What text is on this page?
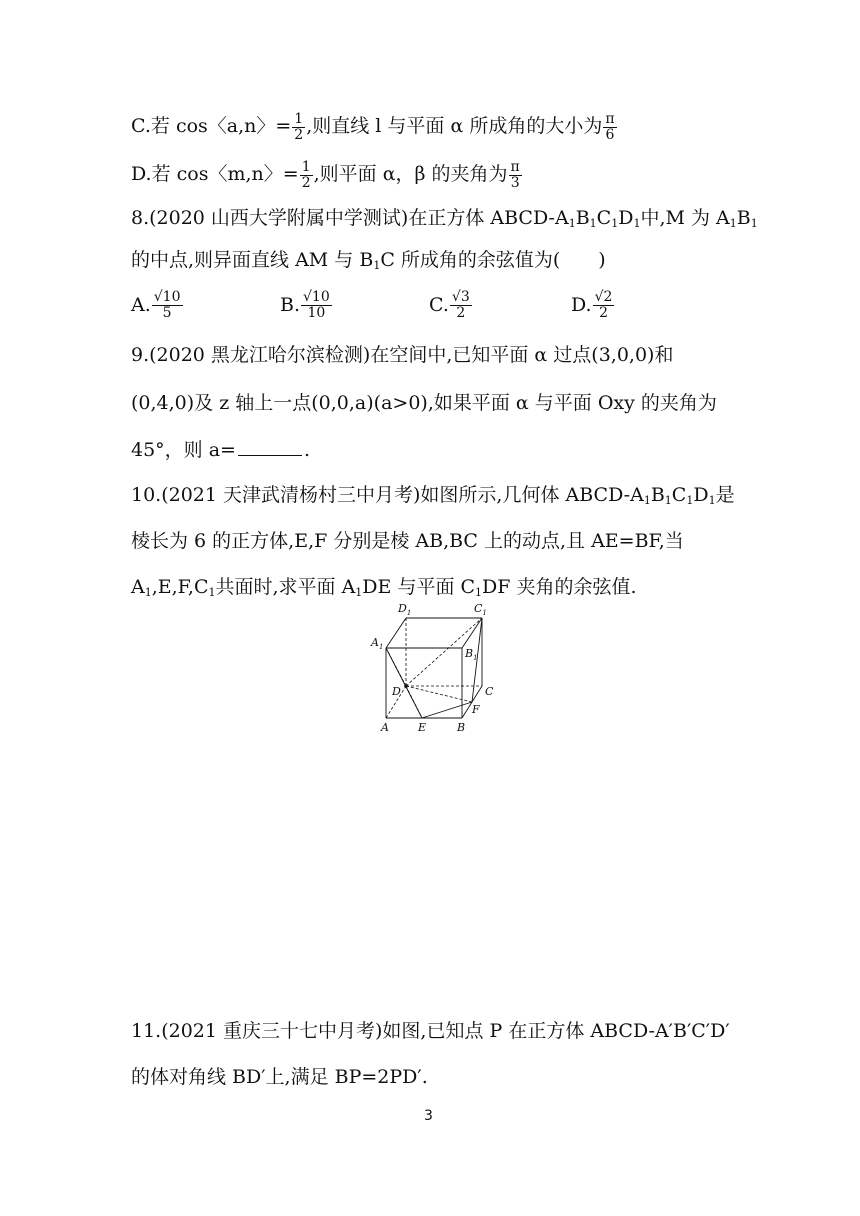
C.若 cos〈a,n〉= $\frac{1}{2}$ ,则直线 l 与平面 α 所成角的大小为 $\frac{\pi}{6}$
D.若 cos〈m,n〉= $\frac{1}{2}$ ,则平面 α，β 的夹角为 $\frac{\pi}{3}$
8.(2020 山西大学附属中学测试)在正方体 ABCD-$A_1B_1C_1D_1$中,M 为 $A_1B_1$
的中点,则异面直线 AM 与 $B_1C$ 所成角的余弦值为(　　)
A. $\frac{√10}{5}$	B. $\frac{√10}{10}$	C. $\frac{√3}{2}$	D. $\frac{√2}{2}$
9.(2020 黑龙江哈尔滨检测)在空间中,已知平面 α 过点(3,0,0)和
(0,4,0)及 z 轴上一点(0,0,a)(a>0),如果平面 α 与平面 Oxy 的夹角为
45°，则 a=	.
10.(2021 天津武清杨村三中月考)如图所示,几何体 ABCD-$A_1B_1C_1D_1$是
棱长为 6 的正方体,E,F 分别是棱 AB,BC 上的动点,且 AE=BF,当
$A_1,E,F,C_1$共面时,求平面 $A_1DE$ 与平面 $C_1DF$ 夹角的余弦值.
$D_1$	$C_1$
$A_1$	$B_1$
D	C
F
A	E	B
11.(2021 重庆三十七中月考)如图,已知点 P 在正方体 ABCD-A′B′C′D′
的体对角线 BD′上,满足 BP=2PD′.
3
